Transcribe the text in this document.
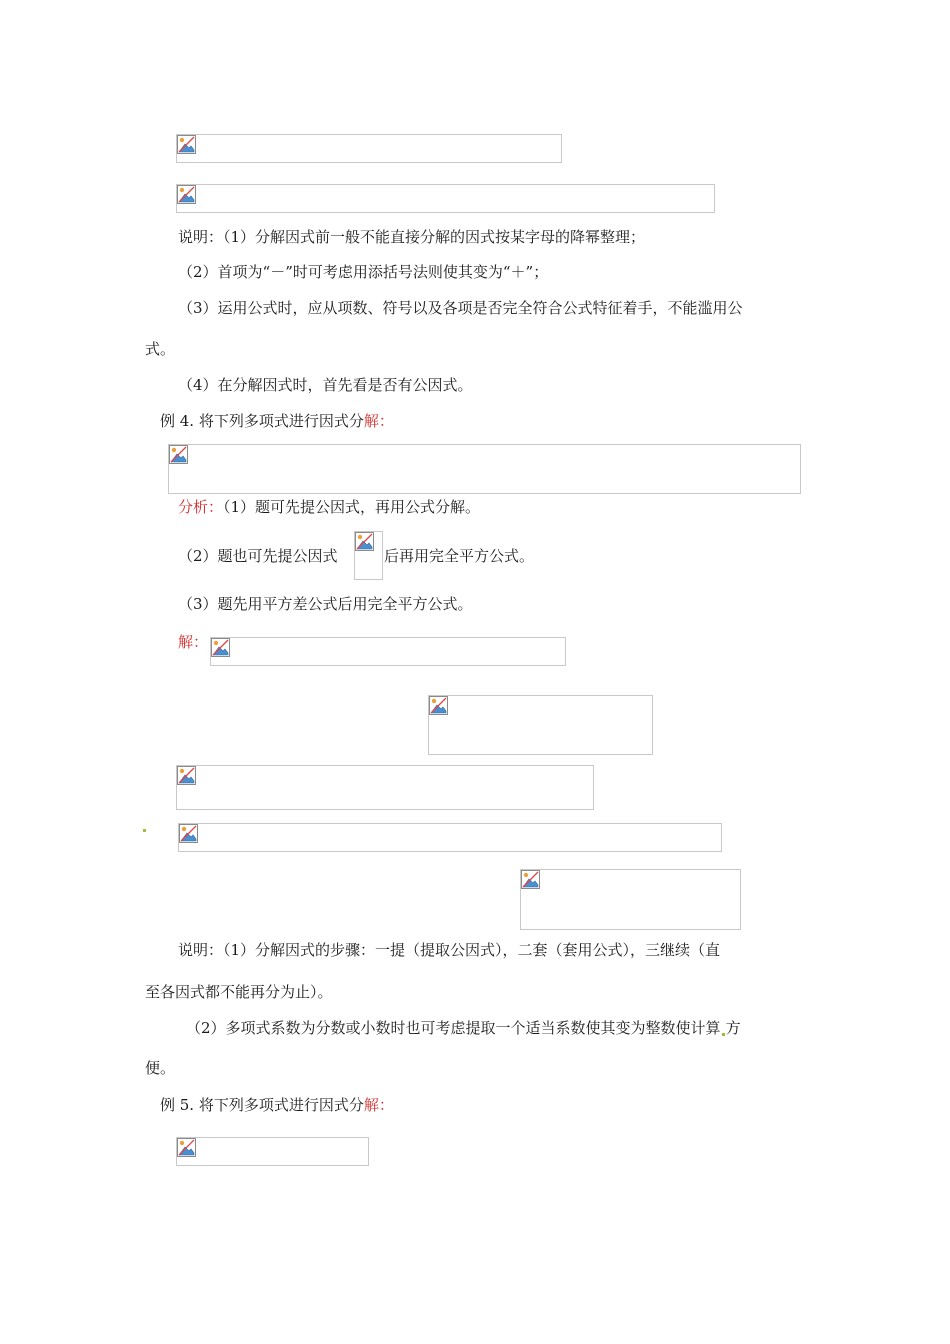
说明：（1）分解因式前一般不能直接分解的因式按某字母的降幂整理；
（2）首项为“－”时可考虑用添括号法则使其变为“＋”；
（3）运用公式时，应从项数、符号以及各项是否完全符合公式特征着手，不能滥用公
式。
（4）在分解因式时，首先看是否有公因式。
例 4. 将下列多项式进行因式分解：
分析：（1）题可先提公因式，再用公式分解。
（2）题也可先提公因式	后再用完全平方公式。
（3）题先用平方差公式后用完全平方公式。
解：
说明：（1）分解因式的步骤：一提（提取公因式），二套（套用公式），三继续（直
至各因式都不能再分为止）。
（2）多项式系数为分数或小数时也可考虑提取一个适当系数使其变为整数使计算 方
便。
例 5. 将下列多项式进行因式分解：
